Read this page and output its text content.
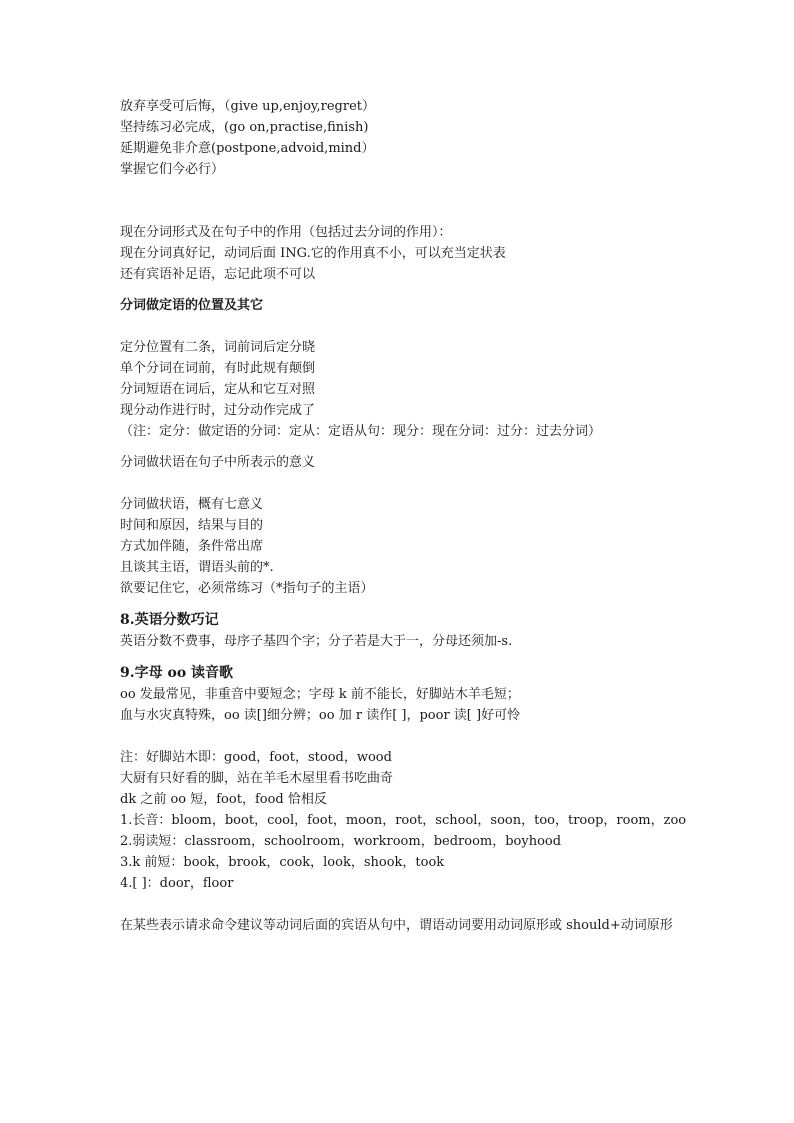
放弃享受可后悔，（give up,enjoy,regret）
坚持练习必完成，(go on,practise,finish)
延期避免非介意(postpone,advoid,mind）
掌握它们今必行）
现在分词形式及在句子中的作用（包括过去分词的作用）：
现在分词真好记，动词后面 ING.它的作用真不小，可以充当定状表
还有宾语补足语，忘记此项不可以
分词做定语的位置及其它
定分位置有二条，词前词后定分晓
单个分词在词前，有时此规有颠倒
分词短语在词后，定从和它互对照
现分动作进行时，过分动作完成了
（注：定分：做定语的分词：定从：定语从句：现分：现在分词：过分：过去分词）
分词做状语在句子中所表示的意义
分词做状语，概有七意义
时间和原因，结果与目的
方式加伴随，条件常出席
且谈其主语，谓语头前的*.
欲要记住它，必须常练习（*指句子的主语）
8.英语分数巧记
英语分数不费事，母序子基四个字；分子若是大于一，分母还须加-s.
9.字母 oo 读音歌
oo 发最常见，非重音中要短念；字母 k 前不能长，好脚站木羊毛短；
血与水灾真特殊，oo 读[]细分辨；oo 加 r 读作[ ]，poor 读[ ]好可怜
注：好脚站木即：good，foot，stood，wood
大厨有只好看的脚，站在羊毛木屋里看书吃曲奇
dk 之前 oo 短，foot，food 恰相反
1.长音：bloom，boot，cool，foot，moon，root，school，soon，too，troop，room，zoo
2.弱读短：classroom，schoolroom，workroom，bedroom，boyhood
3.k 前短：book，brook，cook，look，shook，took
4.[ ]：door，floor
在某些表示请求命令建议等动词后面的宾语从句中，谓语动词要用动词原形或 should+动词原形
